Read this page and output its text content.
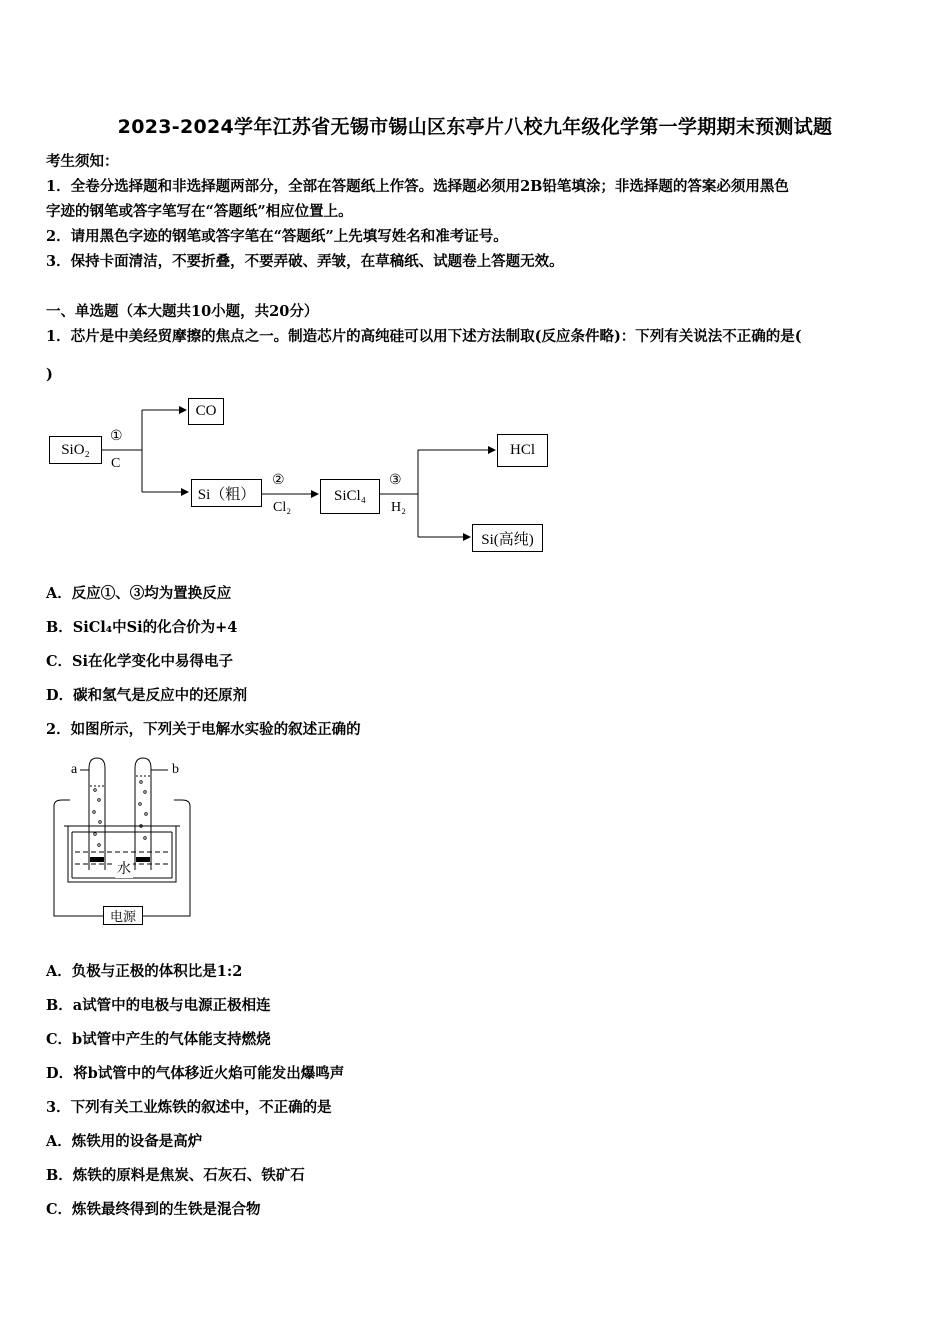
2023-2024学年江苏省无锡市锡山区东亭片八校九年级化学第一学期期末预测试题
考生须知：
1．全卷分选择题和非选择题两部分，全部在答题纸上作答。选择题必须用2B铅笔填涂；非选择题的答案必须用黑色
字迹的钢笔或答字笔写在“答题纸”相应位置上。
2．请用黑色字迹的钢笔或答字笔在“答题纸”上先填写姓名和准考证号。
3．保持卡面清洁，不要折叠，不要弄破、弄皱，在草稿纸、试题卷上答题无效。
一、单选题（本大题共10小题，共20分）
1．芯片是中美经贸摩擦的焦点之一。制造芯片的高纯硅可以用下述方法制取(反应条件略)：下列有关说法不正确的是(
)
SiO₂
CO
Si（粗）	SiCl₄
HCl
Si(高纯)
①
C
②
Cl₂
③
H₂
A．反应①、③均为置换反应
B．SiCl₄中Si的化合价为+4
C．Si在化学变化中易得电子
D．碳和氢气是反应中的还原剂
2．如图所示，下列关于电解水实验的叙述正确的
a	b
水
电源
A．负极与正极的体积比是1:2
B．a试管中的电极与电源正极相连
C．b试管中产生的气体能支持燃烧
D．将b试管中的气体移近火焰可能发出爆鸣声
3．下列有关工业炼铁的叙述中，不正确的是
A．炼铁用的设备是高炉
B．炼铁的原料是焦炭、石灰石、铁矿石
C．炼铁最终得到的生铁是混合物
